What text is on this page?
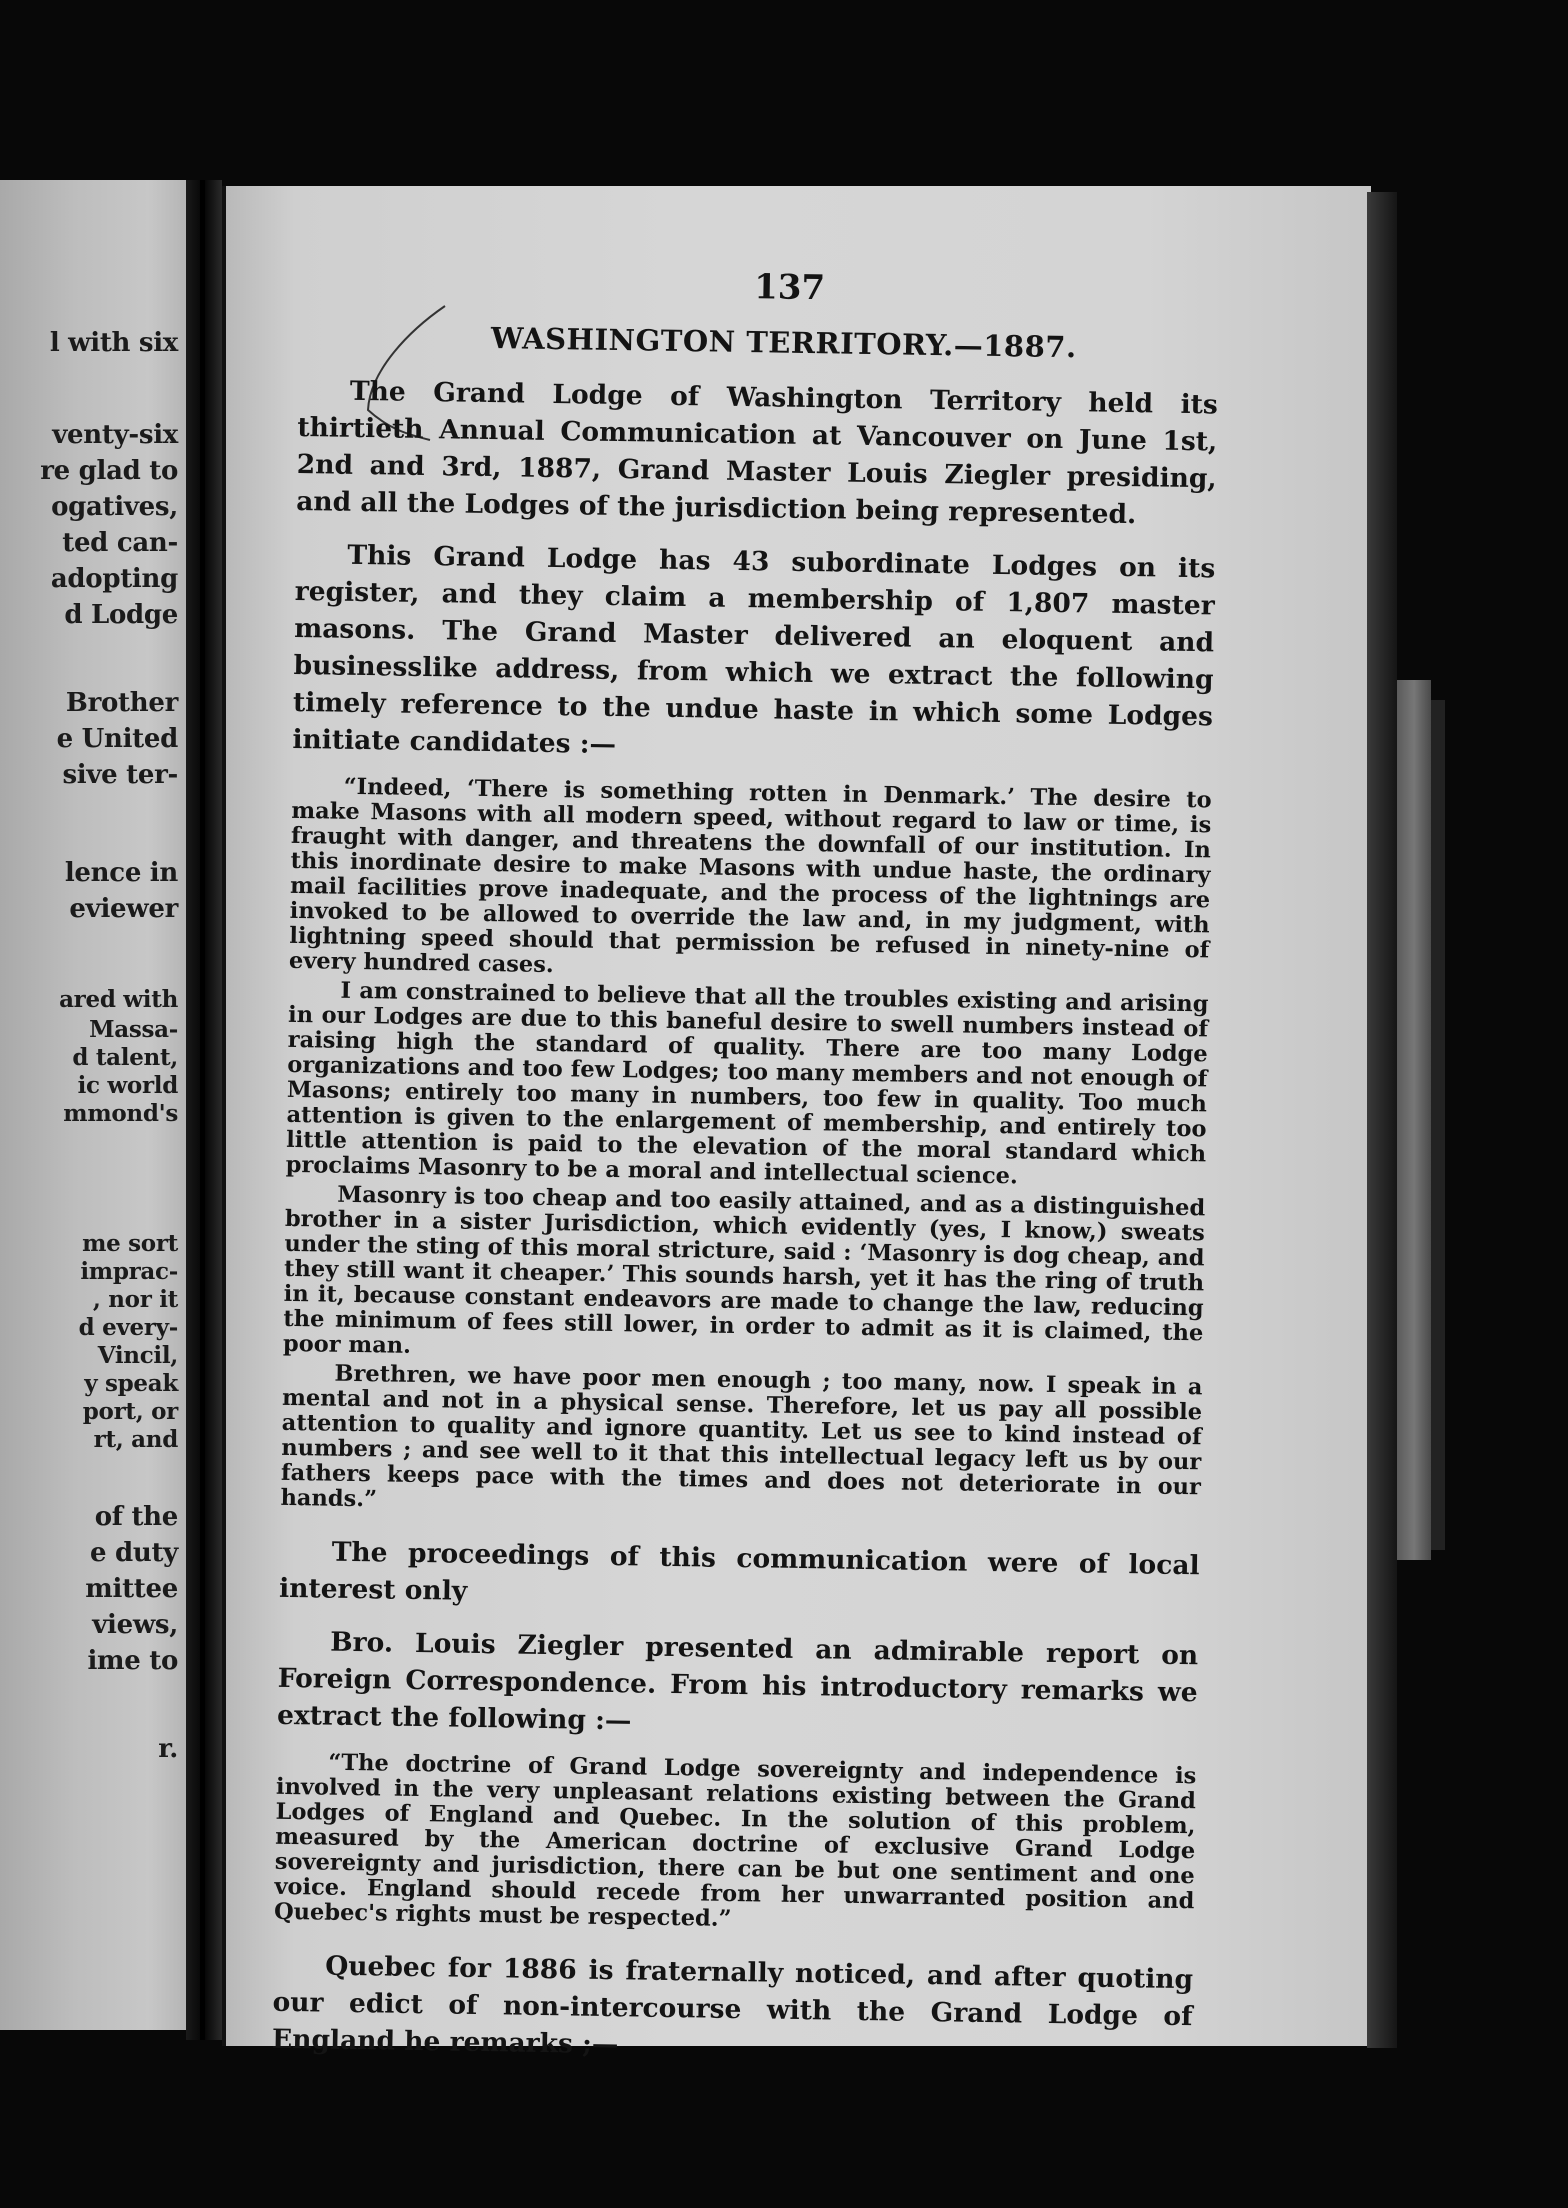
l with six
venty-six
re glad to
ogatives,
ted can-
adopting
d Lodge
Brother
e United
sive ter-
lence in
eviewer
ared with
Massa-
d talent,
ic world
mmond's
me sort
imprac-
, nor it
d every-
Vincil,
y speak
port, or
rt, and
of the
e duty
mittee
views,
ime to
r.
137
WASHINGTON TERRITORY.—1887.

The Grand Lodge of Washington Territory held its thirtieth Annual Communication at Vancouver on June 1st, 2nd and 3rd, 1887, Grand Master Louis Ziegler presiding, and all the Lodges of the jurisdiction being represented.

This Grand Lodge has 43 subordinate Lodges on its register, and they claim a membership of 1,807 master masons. The Grand Master delivered an eloquent and businesslike address, from which we extract the following timely reference to the undue haste in which some Lodges initiate candidates :—

“Indeed, ‘There is something rotten in Denmark.’ The desire to make Masons with all modern speed, without regard to law or time, is fraught with danger, and threatens the downfall of our institution. In this inordinate desire to make Masons with undue haste, the ordinary mail facilities prove inadequate, and the process of the lightnings are invoked to be allowed to override the law and, in my judgment, with lightning speed should that permission be refused in ninety-nine of every hundred cases.

I am constrained to believe that all the troubles existing and arising in our Lodges are due to this baneful desire to swell numbers instead of raising high the standard of quality. There are too many Lodge organizations and too few Lodges; too many members and not enough of Masons; entirely too many in numbers, too few in quality. Too much attention is given to the enlargement of membership, and entirely too little attention is paid to the elevation of the moral standard which proclaims Masonry to be a moral and intellectual science.

Masonry is too cheap and too easily attained, and as a distinguished brother in a sister Jurisdiction, which evidently (yes, I know,) sweats under the sting of this moral stricture, said : ‘Masonry is dog cheap, and they still want it cheaper.’ This sounds harsh, yet it has the ring of truth in it, because constant endeavors are made to change the law, reducing the minimum of fees still lower, in order to admit as it is claimed, the poor man.

Brethren, we have poor men enough ; too many, now. I speak in a mental and not in a physical sense. Therefore, let us pay all possible attention to quality and ignore quantity. Let us see to kind instead of numbers ; and see well to it that this intellectual legacy left us by our fathers keeps pace with the times and does not deteriorate in our hands.”

The proceedings of this communication were of local interest only

Bro. Louis Ziegler presented an admirable report on Foreign Correspondence. From his introductory remarks we extract the following :—

“The doctrine of Grand Lodge sovereignty and independence is involved in the very unpleasant relations existing between the Grand Lodges of England and Quebec. In the solution of this problem, measured by the American doctrine of exclusive Grand Lodge sovereignty and jurisdiction, there can be but one sentiment and one voice. England should recede from her unwarranted position and Quebec's rights must be respected.”

Quebec for 1886 is fraternally noticed, and after quoting our edict of non-intercourse with the Grand Lodge of England he remarks ;—
